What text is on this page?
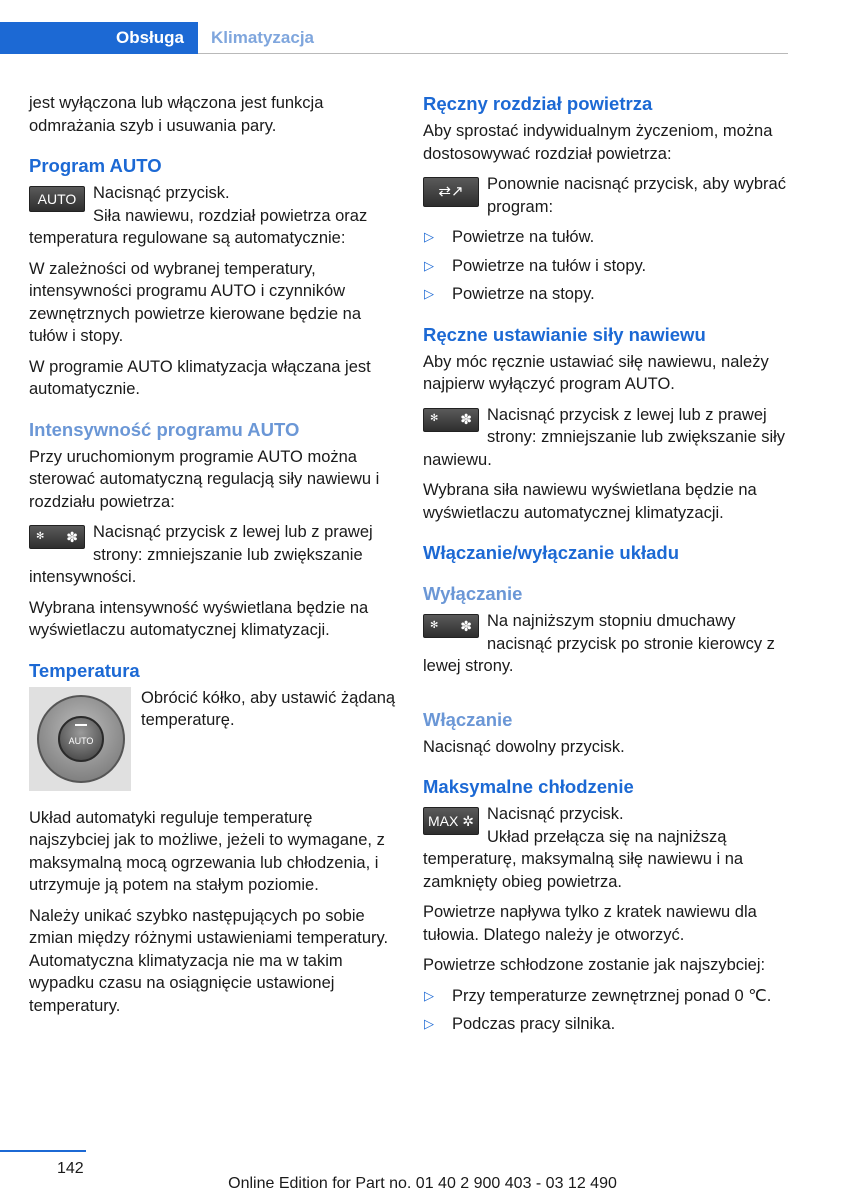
Obsługa Klimatyzacja

jest wyłączona lub włączona jest funkcja odmrażania szyb i usuwania pary.

Program AUTO
AUTO	Nacisnąć przycisk.
Siła nawiewu, rozdział powietrza oraz temperatura regulowane są automatycznie:

W zależności od wybranej temperatury, intensywności programu AUTO i czynników zewnętrznych powietrze kierowane będzie na tułów i stopy.

W programie AUTO klimatyzacja włączana jest automatycznie.

Intensywność programu AUTO

Przy uruchomionym programie AUTO można sterować automatyczną regulacją siły nawiewu i rozdziału powietrza:

✻ ✽ Nacisnąć przycisk z lewej lub z prawej strony: zmniejszanie lub zwiększanie intensywności.

Wybrana intensywność wyświetlana będzie na wyświetlaczu automatycznej klimatyzacji.

Temperatura
AUTO
Obrócić kółko, aby ustawić żądaną temperaturę.

Układ automatyki reguluje temperaturę najszybciej jak to możliwe, jeżeli to wymagane, z maksymalną mocą ogrzewania lub chłodzenia, i utrzymuje ją potem na stałym poziomie.

Należy unikać szybko następujących po sobie zmian między różnymi ustawieniami temperatury. Automatyczna klimatyzacja nie ma w takim wypadku czasu na osiągnięcie ustawionej temperatury.

Ręczny rozdział powietrza

Aby sprostać indywidualnym życzeniom, można dostosowywać rozdział powietrza:

⇄↗	Ponownie nacisnąć przycisk, aby wybrać program:
▷ Powietrze na tułów.
▷ Powietrze na tułów i stopy.
▷ Powietrze na stopy.
Ręczne ustawianie siły nawiewu

Aby móc ręcznie ustawiać siłę nawiewu, należy najpierw wyłączyć program AUTO.

✻ ✽ Nacisnąć przycisk z lewej lub z prawej strony: zmniejszanie lub zwiększanie siły nawiewu.

Wybrana siła nawiewu wyświetlana będzie na wyświetlaczu automatycznej klimatyzacji.

Włączanie/wyłączanie układu
Wyłączanie
✻ ✽ Na najniższym stopniu dmuchawy nacisnąć przycisk po stronie kierowcy z lewej strony.
Włączanie

Nacisnąć dowolny przycisk.

Maksymalne chłodzenie
MAX ✲ Nacisnąć przycisk.
Układ przełącza się na najniższą temperaturę, maksymalną siłę nawiewu i na zamknięty obieg powietrza.

Powietrze napływa tylko z kratek nawiewu dla tułowia. Dlatego należy je otworzyć.

Powietrze schłodzone zostanie jak najszybciej:

▷ Przy temperaturze zewnętrznej ponad 0 ℃.
▷ Podczas pracy silnika.
142
Online Edition for Part no. 01 40 2 900 403 - 03 12 490
